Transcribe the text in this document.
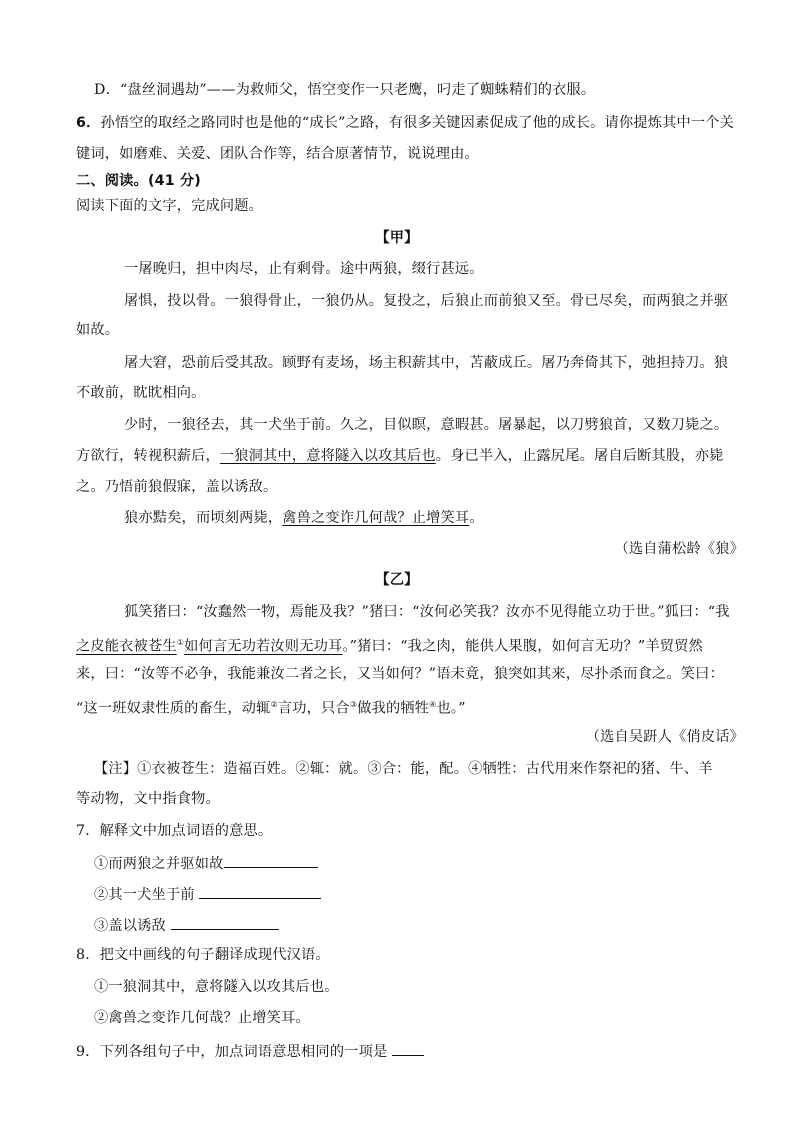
D．“盘丝洞遇劫”——为救师父，悟空变作一只老鹰，叼走了蜘蛛精们的衣服。
6．孙悟空的取经之路同时也是他的“成长”之路，有很多关键因素促成了他的成长。请你提炼其中一个关
键词，如磨难、关爱、团队合作等，结合原著情节，说说理由。
二、阅读。(41 分)
阅读下面的文字，完成问题。
【甲】
一屠晚归，担中肉尽，止有剩骨。途中两狼，缀行甚远。
屠惧，投以骨。一狼得骨止，一狼仍从。复投之，后狼止而前狼又至。骨已尽矣，而两狼之并驱
如故。
屠大窘，恐前后受其敌。顾野有麦场，场主积薪其中，苫蔽成丘。屠乃奔倚其下，弛担持刀。狼
不敢前，眈眈相向。
少时，一狼径去，其一犬坐于前。久之，目似瞑，意暇甚。屠暴起，以刀劈狼首，又数刀毙之。
方欲行，转视积薪后，一狼洞其中，意将隧入以攻其后也。身已半入，止露尻尾。屠自后断其股，亦毙
之。乃悟前狼假寐，盖以诱敌。
狼亦黠矣，而顷刻两毙，禽兽之变诈几何哉？止增笑耳。
（选自蒲松龄《狼》
【乙】
狐笑猪曰：“汝蠢然一物，焉能及我？”猪曰：“汝何必笑我？汝亦不见得能立功于世。”狐曰：“我
之皮能衣被苍生①如何言无功若汝则无功耳。”猪曰：“我之肉，能供人果腹，如何言无功？”羊贸贸然
来，曰：“汝等不必争，我能兼汝二者之长，又当如何？”语未竟，狼突如其来，尽扑杀而食之。笑曰：
“这一班奴隶性质的畜生，动辄②言功，只合③做我的牺牲④也。”
（选自吴趼人《俏皮话》
【注】①衣被苍生：造福百姓。②辄：就。③合：能，配。④牺牲：古代用来作祭祀的猪、牛、羊
等动物，文中指食物。
7．解释文中加点词语的意思。
①而两狼之并驱如故
②其一犬坐于前
③盖以诱敌
8．把文中画线的句子翻译成现代汉语。
①一狼洞其中，意将隧入以攻其后也。
②禽兽之变诈几何哉？止增笑耳。
9．下列各组句子中，加点词语意思相同的一项是
